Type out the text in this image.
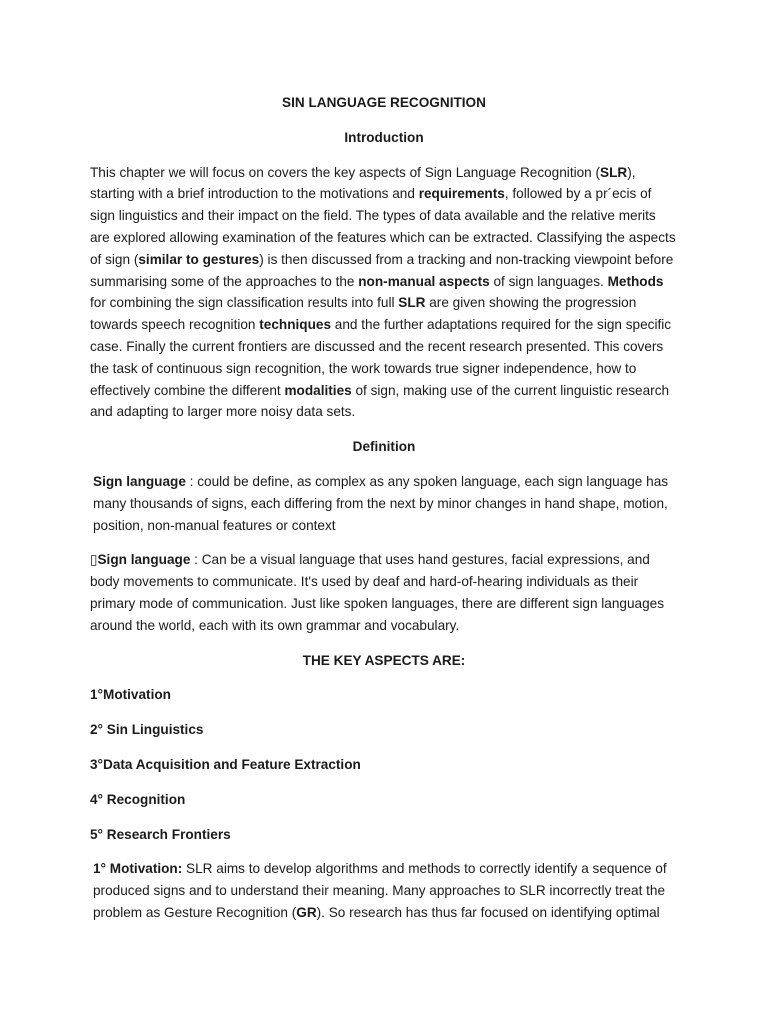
SIN LANGUAGE RECOGNITION
Introduction

This chapter we will focus on covers the key aspects of Sign Language Recognition (SLR), starting with a brief introduction to the motivations and requirements, followed by a pr´ecis of sign linguistics and their impact on the field. The types of data available and the relative merits are explored allowing examination of the features which can be extracted. Classifying the aspects of sign (similar to gestures) is then discussed from a tracking and non-tracking viewpoint before summarising some of the approaches to the non-manual aspects of sign languages. Methods for combining the sign classification results into full SLR are given showing the progression towards speech recognition techniques and the further adaptations required for the sign specific case. Finally the current frontiers are discussed and the recent research presented. This covers the task of continuous sign recognition, the work towards true signer independence, how to effectively combine the different modalities of sign, making use of the current linguistic research and adapting to larger more noisy data sets.

Definition

Sign language : could be define, as complex as any spoken language, each sign language has many thousands of signs, each differing from the next by minor changes in hand shape, motion, position, non-manual features or context

▯Sign language : Can be a visual language that uses hand gestures, facial expressions, and body movements to communicate. It's used by deaf and hard-of-hearing individuals as their primary mode of communication. Just like spoken languages, there are different sign languages around the world, each with its own grammar and vocabulary.

THE KEY ASPECTS ARE:
1°Motivation
2° Sin Linguistics
3°Data Acquisition and Feature Extraction
4° Recognition
5° Research Frontiers

1° Motivation: SLR aims to develop algorithms and methods to correctly identify a sequence of produced signs and to understand their meaning. Many approaches to SLR incorrectly treat the problem as Gesture Recognition (GR). So research has thus far focused on identifying optimal
